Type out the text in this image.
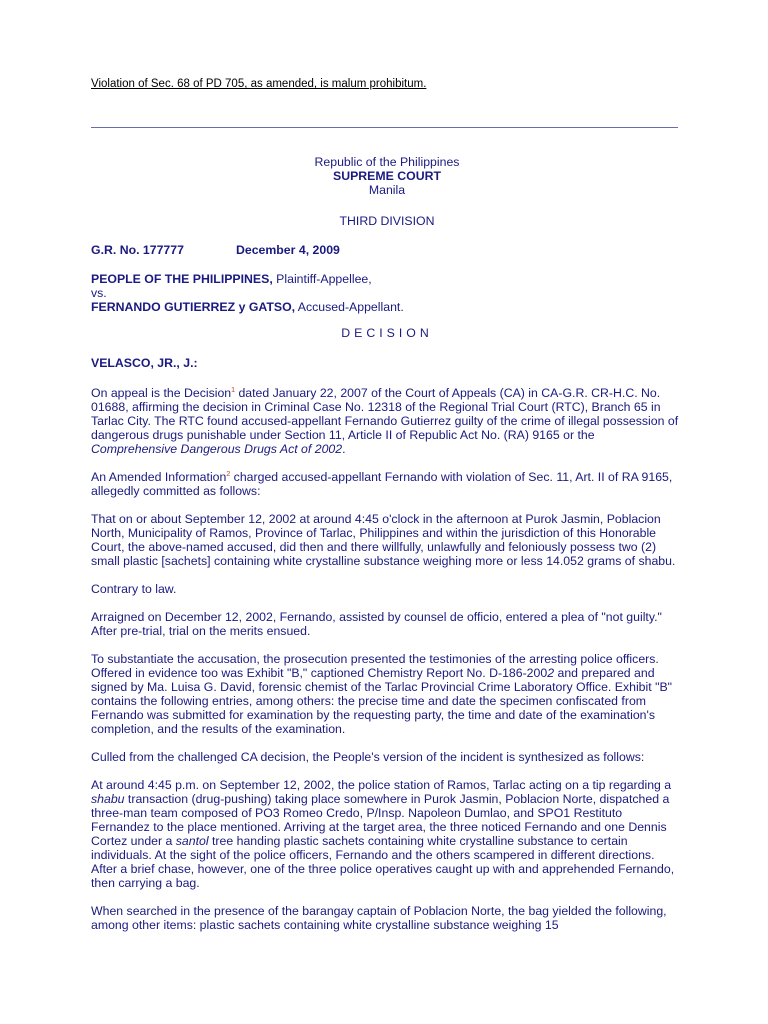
Violation of Sec. 68 of PD 705, as amended, is malum prohibitum.
Republic of the Philippines
SUPREME COURT
Manila
THIRD DIVISION
G.R. No. 177777	December 4, 2009
PEOPLE OF THE PHILIPPINES, Plaintiff-Appellee,
vs.
FERNANDO GUTIERREZ y GATSO, Accused-Appellant.
DECISION
VELASCO, JR., J.:

On appeal is the Decision$^1$ dated January 22, 2007 of the Court of Appeals (CA) in CA-G.R. CR-H.C. No. 01688, affirming the decision in Criminal Case No. 12318 of the Regional Trial Court (RTC), Branch 65 in Tarlac City. The RTC found accused-appellant Fernando Gutierrez guilty of the crime of illegal possession of dangerous drugs punishable under Section 11, Article II of Republic Act No. (RA) 9165 or the Comprehensive Dangerous Drugs Act of 2002.

An Amended Information$^2$ charged accused-appellant Fernando with violation of Sec. 11, Art. II of RA 9165, allegedly committed as follows:

That on or about September 12, 2002 at around 4:45 o'clock in the afternoon at Purok Jasmin, Poblacion North, Municipality of Ramos, Province of Tarlac, Philippines and within the jurisdiction of this Honorable Court, the above-named accused, did then and there willfully, unlawfully and feloniously possess two (2) small plastic [sachets] containing white crystalline substance weighing more or less 14.052 grams of shabu.

Contrary to law.

Arraigned on December 12, 2002, Fernando, assisted by counsel de officio, entered a plea of "not guilty." After pre-trial, trial on the merits ensued.

To substantiate the accusation, the prosecution presented the testimonies of the arresting police officers. Offered in evidence too was Exhibit "B," captioned Chemistry Report No. D-186-2002 and prepared and signed by Ma. Luisa G. David, forensic chemist of the Tarlac Provincial Crime Laboratory Office. Exhibit "B" contains the following entries, among others: the precise time and date the specimen confiscated from Fernando was submitted for examination by the requesting party, the time and date of the examination's completion, and the results of the examination.

Culled from the challenged CA decision, the People's version of the incident is synthesized as follows:

At around 4:45 p.m. on September 12, 2002, the police station of Ramos, Tarlac acting on a tip regarding a shabu transaction (drug-pushing) taking place somewhere in Purok Jasmin, Poblacion Norte, dispatched a three-man team composed of PO3 Romeo Credo, P/Insp. Napoleon Dumlao, and SPO1 Restituto Fernandez to the place mentioned. Arriving at the target area, the three noticed Fernando and one Dennis Cortez under a santol tree handing plastic sachets containing white crystalline substance to certain individuals. At the sight of the police officers, Fernando and the others scampered in different directions. After a brief chase, however, one of the three police operatives caught up with and apprehended Fernando, then carrying a bag.

When searched in the presence of the barangay captain of Poblacion Norte, the bag yielded the following, among other items: plastic sachets containing white crystalline substance weighing 15
